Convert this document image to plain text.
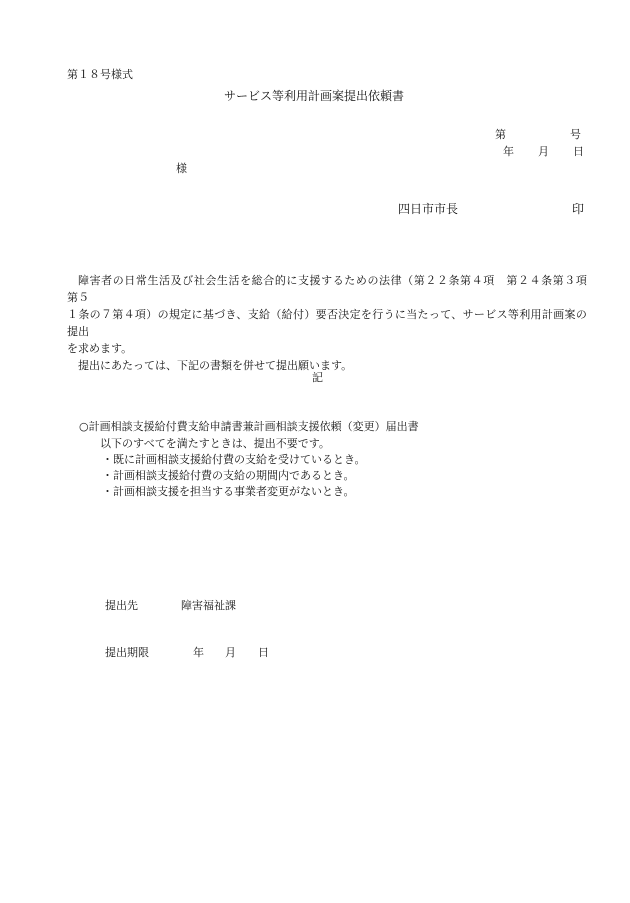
第１８号様式
サービス等利用計画案提出依頼書
第	号
年 月 日
様
四日市市長	印

障害者の日常生活及び社会生活を総合的に支援するための法律（第２２条第４項　第２４条第３項　第５

１条の７第４項）の規定に基づき、支給（給付）要否決定を行うに当たって、サービス等利用計画案の提出

を求めます。

提出にあたっては、下記の書類を併せて提出願います。

記
○計画相談支援給付費支給申請書兼計画相談支援依頼（変更）届出書
以下のすべてを満たすときは、提出不要です。
・既に計画相談支援給付費の支給を受けているとき。
・計画相談支援給付費の支給の期間内であるとき。
・計画相談支援を担当する事業者変更がないとき。
提出先	障害福祉課
提出期限	年 月 日
